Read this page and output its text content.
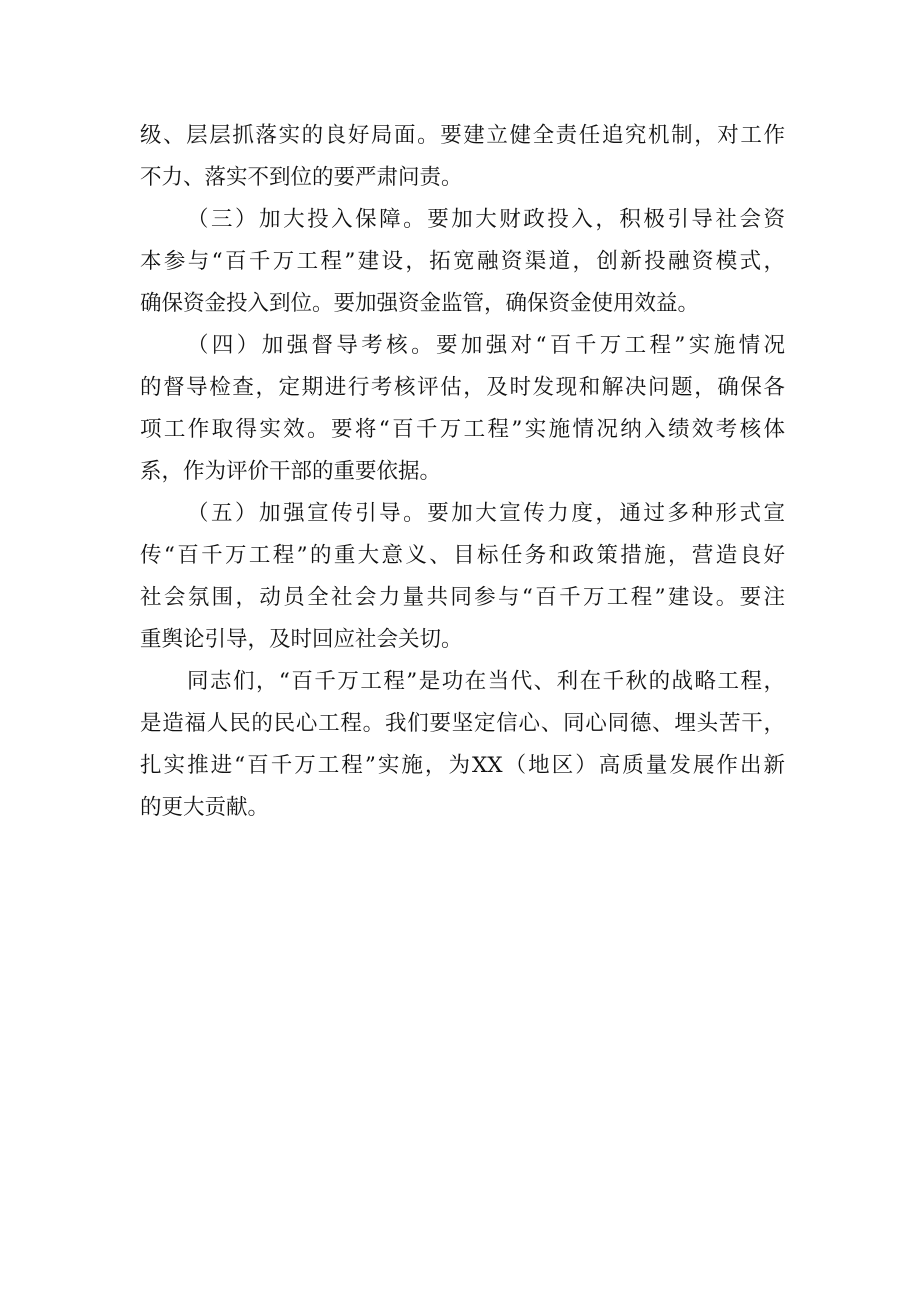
级、层层抓落实的良好局面。要建立健全责任追究机制，对工作
不力、落实不到位的要严肃问责。
（三）加大投入保障。要加大财政投入，积极引导社会资
本参与“百千万工程”建设，拓宽融资渠道，创新投融资模式，
确保资金投入到位。要加强资金监管，确保资金使用效益。
（四）加强督导考核。要加强对“百千万工程”实施情况
的督导检查，定期进行考核评估，及时发现和解决问题，确保各
项工作取得实效。要将“百千万工程”实施情况纳入绩效考核体
系，作为评价干部的重要依据。
（五）加强宣传引导。要加大宣传力度，通过多种形式宣
传“百千万工程”的重大意义、目标任务和政策措施，营造良好
社会氛围，动员全社会力量共同参与“百千万工程”建设。要注
重舆论引导，及时回应社会关切。
同志们，“百千万工程”是功在当代、利在千秋的战略工程，
是造福人民的民心工程。我们要坚定信心、同心同德、埋头苦干，
扎实推进“百千万工程”实施，为XX（地区）高质量发展作出新
的更大贡献。
